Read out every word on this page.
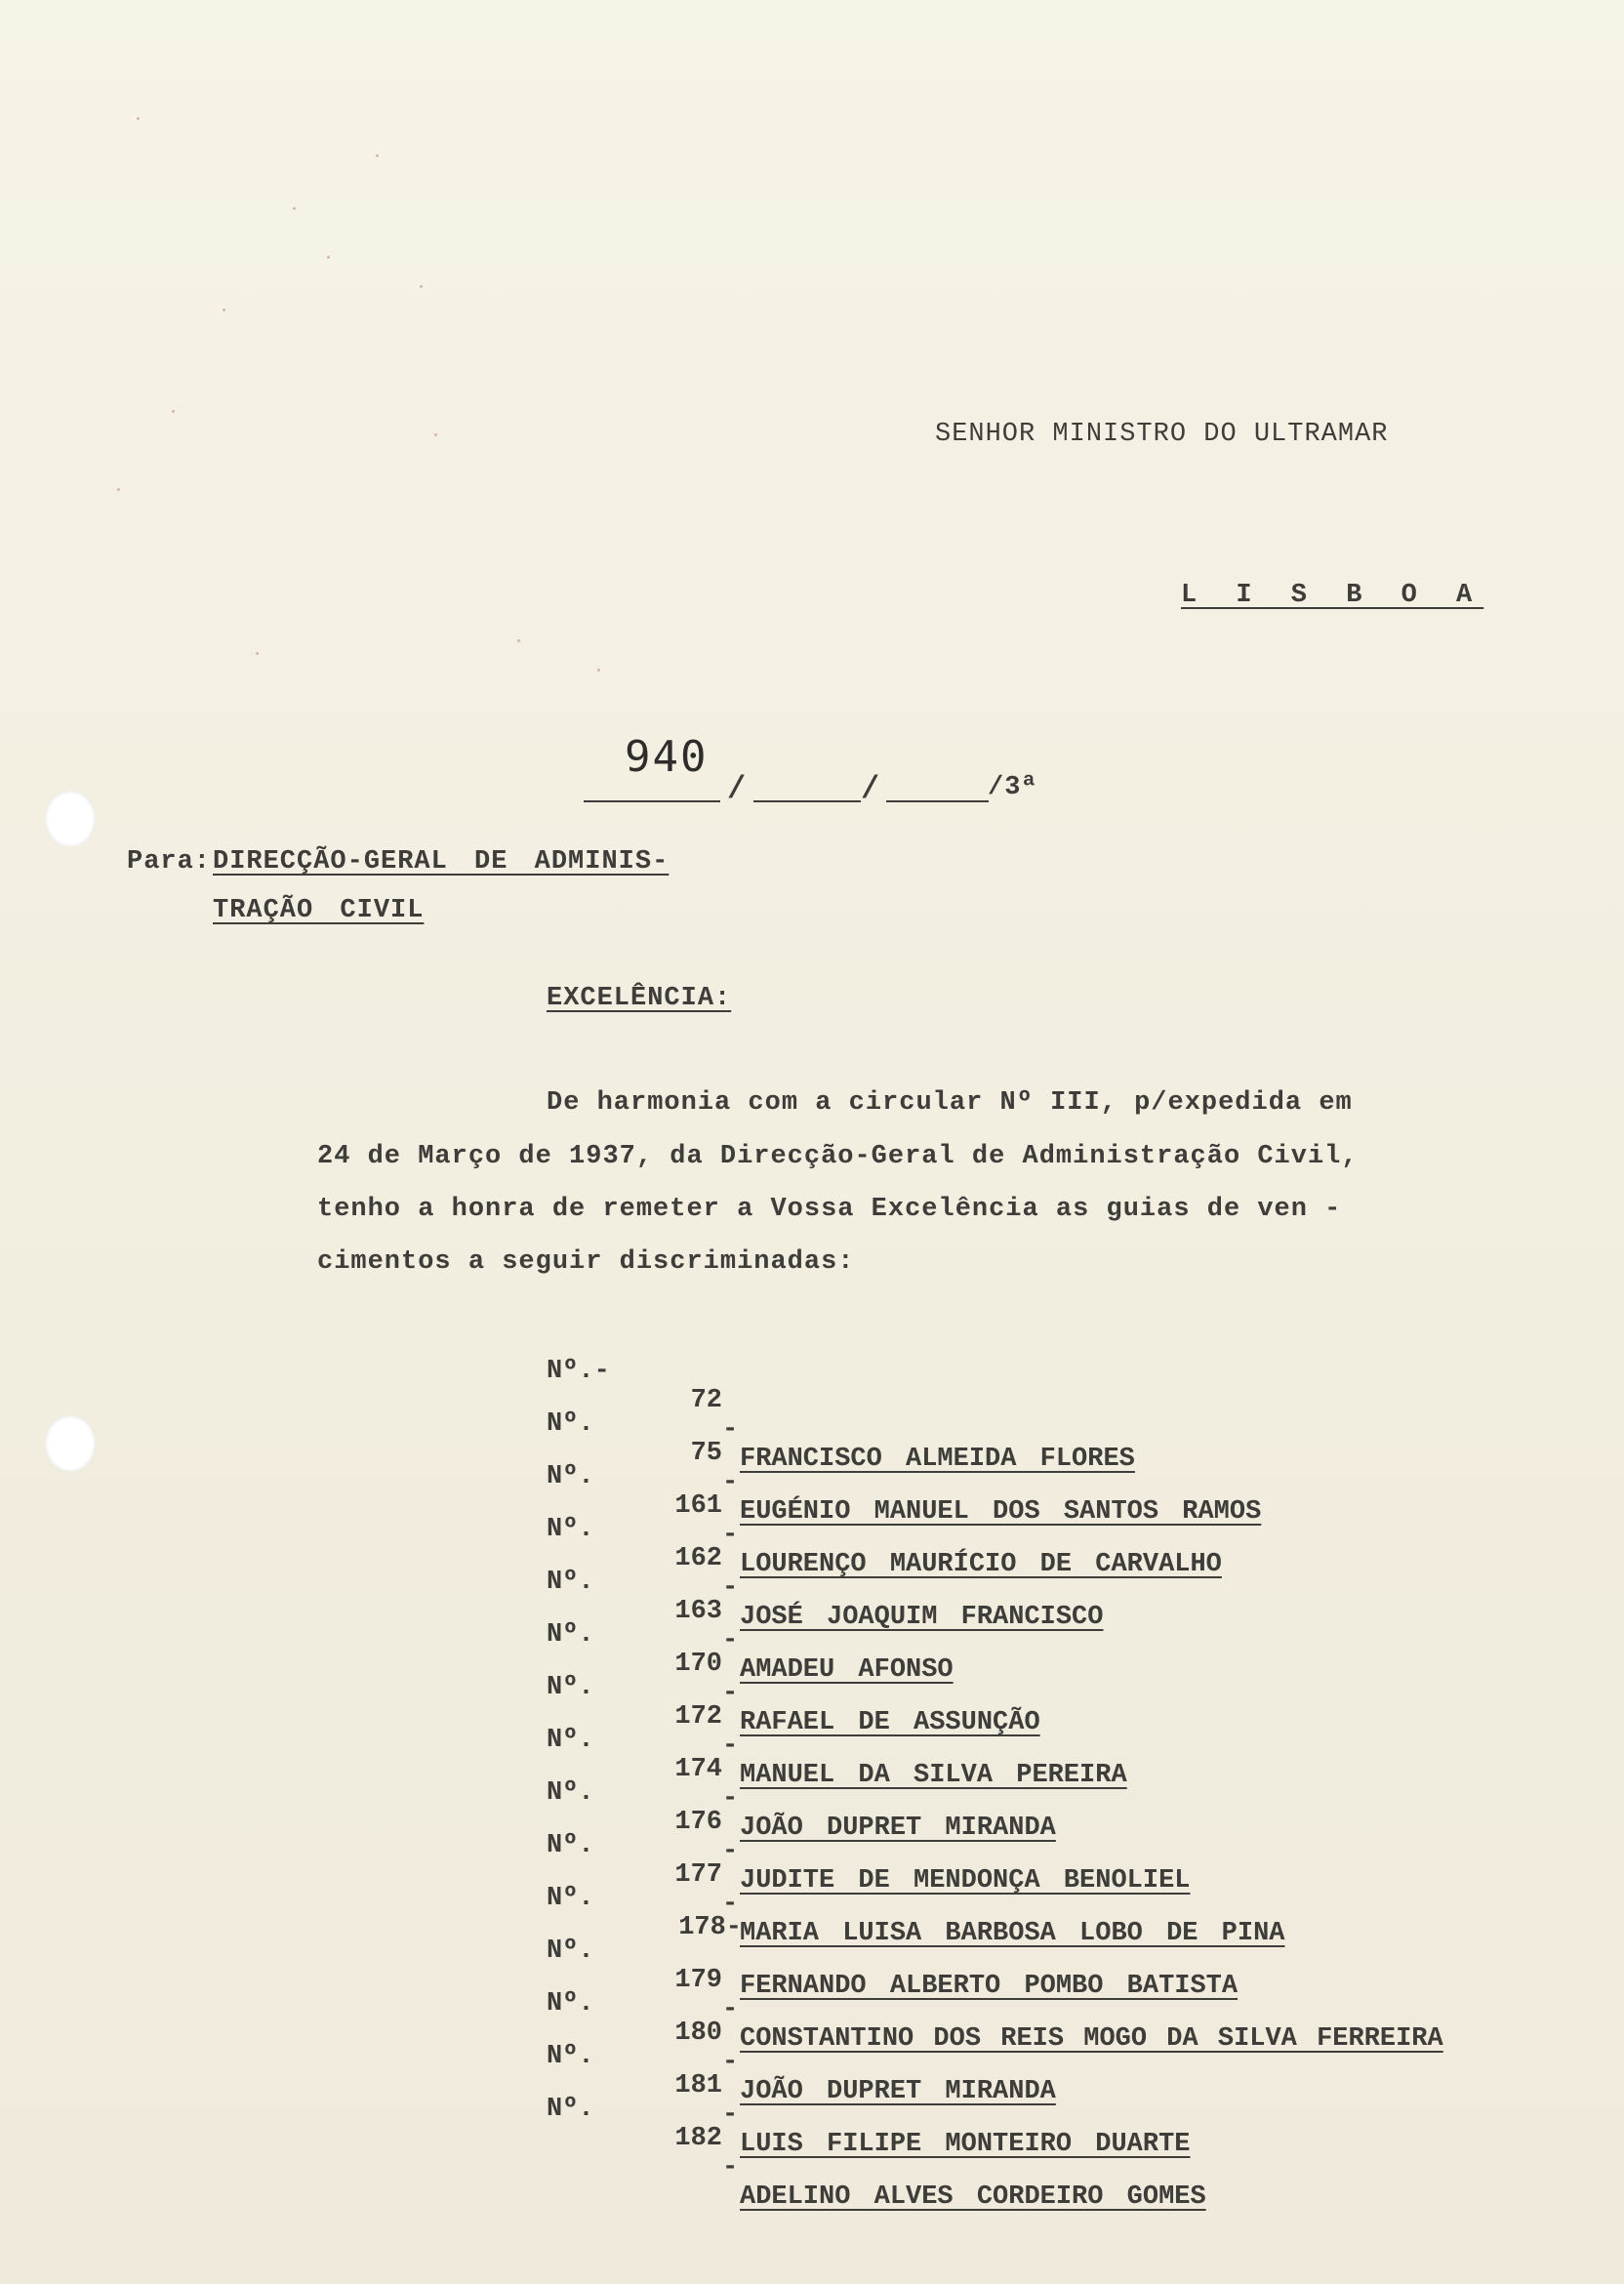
SENHOR MINISTRO DO ULTRAMAR
L I S B O A
940
/	/	/3ª
Para: DIRECÇÃO-GERAL DE ADMINIS-
TRAÇÃO CIVIL
EXCELÊNCIA:
De harmonia com a circular Nº III, p/expedida em
24 de Março de 1937, da Direcção-Geral de Administração Civil,
tenho a honra de remeter a Vossa Excelência as guias de ven -
cimentos a seguir discriminadas:

Nº.-

72

-

FRANCISCO ALMEIDA FLORES

Nº.

75

-

EUGÉNIO MANUEL DOS SANTOS RAMOS

Nº.

161

-

LOURENÇO MAURÍCIO DE CARVALHO

Nº.

162

-

JOSÉ JOAQUIM FRANCISCO

Nº.

163

-

AMADEU AFONSO

Nº.

170

-

RAFAEL DE ASSUNÇÃO

Nº.

172

-

MANUEL DA SILVA PEREIRA

Nº.

174

-

JOÃO DUPRET MIRANDA

Nº.

176

-

JUDITE DE MENDONÇA BENOLIEL

Nº.

177

-

MARIA LUISA BARBOSA LOBO DE PINA

Nº.

178-

FERNANDO ALBERTO POMBO BATISTA

Nº.

179

-

CONSTANTINO DOS REIS MOGO DA SILVA FERREIRA

Nº.

180

-

JOÃO DUPRET MIRANDA

Nº.

181

-

LUIS FILIPE MONTEIRO DUARTE

Nº.

182

-

ADELINO ALVES CORDEIRO GOMES
